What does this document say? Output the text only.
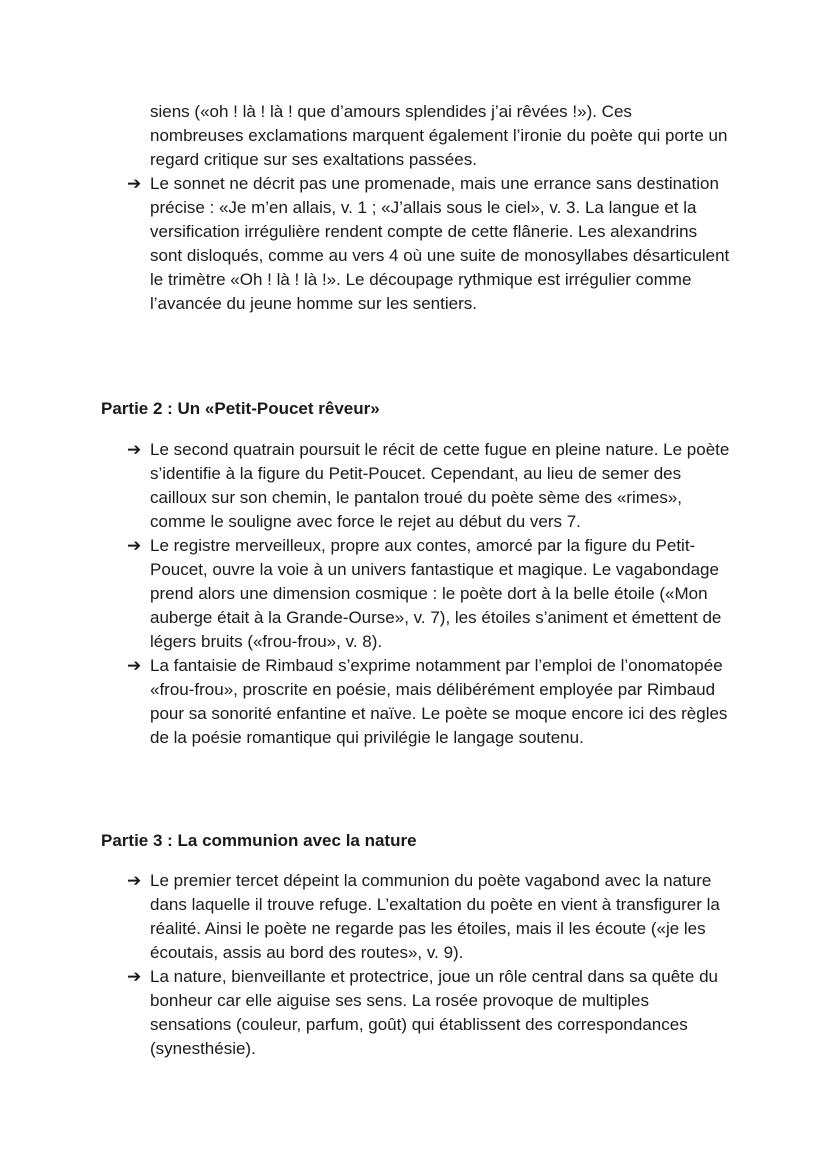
siens («oh ! là ! là ! que d’amours splendides j’ai rêvées !»). Ces nombreuses exclamations marquent également l’ironie du poète qui porte un regard critique sur ses exaltations passées.

➔ Le sonnet ne décrit pas une promenade, mais une errance sans destination précise : «Je m’en allais, v. 1 ; «J’allais sous le ciel», v. 3. La langue et la versification irrégulière rendent compte de cette flânerie. Les alexandrins sont disloqués, comme au vers 4 où une suite de monosyllabes désarticulent le trimètre «Oh ! là ! là !». Le découpage rythmique est irrégulier comme l’avancée du jeune homme sur les sentiers.
Partie 2 : Un «Petit-Poucet rêveur»
➔ Le second quatrain poursuit le récit de cette fugue en pleine nature. Le poète s’identifie à la figure du Petit-Poucet. Cependant, au lieu de semer des cailloux sur son chemin, le pantalon troué du poète sème des «rimes», comme le souligne avec force le rejet au début du vers 7.
➔ Le registre merveilleux, propre aux contes, amorcé par la figure du Petit-Poucet, ouvre la voie à un univers fantastique et magique. Le vagabondage prend alors une dimension cosmique : le poète dort à la belle étoile («Mon auberge était à la Grande-Ourse», v. 7), les étoiles s’animent et émettent de légers bruits («frou-frou», v. 8).
➔ La fantaisie de Rimbaud s’exprime notamment par l’emploi de l’onomatopée «frou-frou», proscrite en poésie, mais délibérément employée par Rimbaud pour sa sonorité enfantine et naïve. Le poète se moque encore ici des règles de la poésie romantique qui privilégie le langage soutenu.
Partie 3 : La communion avec la nature
➔ Le premier tercet dépeint la communion du poète vagabond avec la nature dans laquelle il trouve refuge. L’exaltation du poète en vient à transfigurer la réalité. Ainsi le poète ne regarde pas les étoiles, mais il les écoute («je les écoutais, assis au bord des routes», v. 9).
➔ La nature, bienveillante et protectrice, joue un rôle central dans sa quête du bonheur car elle aiguise ses sens. La rosée provoque de multiples sensations (couleur, parfum, goût) qui établissent des correspondances (synesthésie).
